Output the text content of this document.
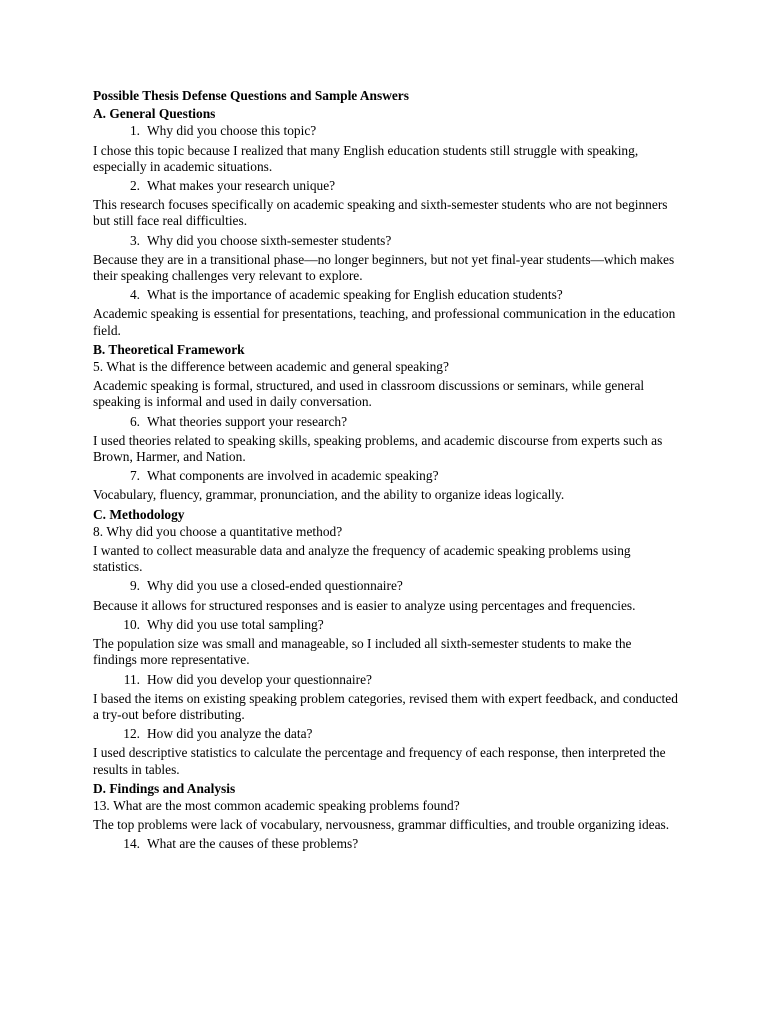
Possible Thesis Defense Questions and Sample Answers

A. General Questions

1. Why did you choose this topic?

I chose this topic because I realized that many English education students still struggle with speaking, especially in academic situations.

2. What makes your research unique?

This research focuses specifically on academic speaking and sixth-semester students who are not beginners but still face real difficulties.

3. Why did you choose sixth-semester students?

Because they are in a transitional phase—no longer beginners, but not yet final-year students—which makes their speaking challenges very relevant to explore.

4. What is the importance of academic speaking for English education students?

Academic speaking is essential for presentations, teaching, and professional communication in the education field.

B. Theoretical Framework

5.
What is the difference between academic and general speaking?

Academic speaking is formal, structured, and used in classroom discussions or seminars, while general speaking is informal and used in daily conversation.

6. What theories support your research?

I used theories related to speaking skills, speaking problems, and academic discourse from experts such as Brown, Harmer, and Nation.

7. What components are involved in academic speaking?

Vocabulary, fluency, grammar, pronunciation, and the ability to organize ideas logically.

C. Methodology

8.
Why did you choose a quantitative method?

I wanted to collect measurable data and analyze the frequency of academic speaking problems using statistics.

9. Why did you use a closed-ended questionnaire?

Because it allows for structured responses and is easier to analyze using percentages and frequencies.

10. Why did you use total sampling?

The population size was small and manageable, so I included all sixth-semester students to make the findings more representative.

11. How did you develop your questionnaire?

I based the items on existing speaking problem categories, revised them with expert feedback, and conducted a try-out before distributing.

12. How did you analyze the data?

I used descriptive statistics to calculate the percentage and frequency of each response, then interpreted the results in tables.

D. Findings and Analysis

13.
What are the most common academic speaking problems found?

The top problems were lack of vocabulary, nervousness, grammar difficulties, and trouble organizing ideas.

14. What are the causes of these problems?
